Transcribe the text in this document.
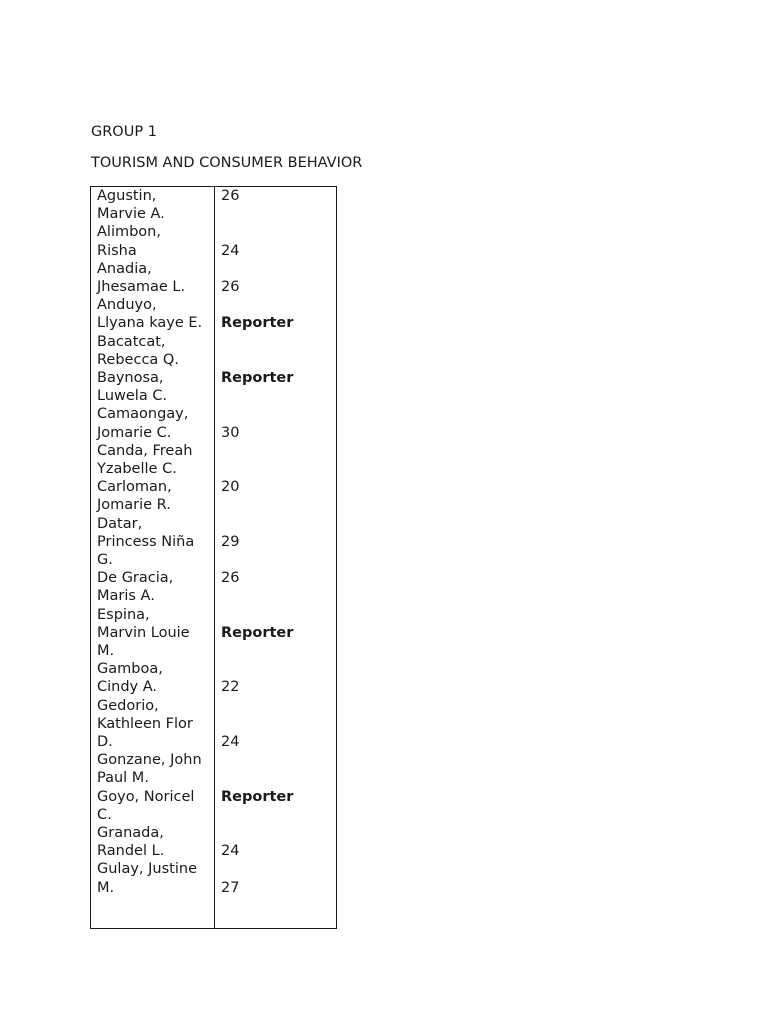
GROUP 1
TOURISM AND CONSUMER BEHAVIOR
Agustin,
Marvie A.
Alimbon,
Risha
Anadia,
Jhesamae L.
Anduyo,
Llyana kaye E.
Bacatcat,
Rebecca Q.
Baynosa,
Luwela C.
Camaongay,
Jomarie C.
Canda, Freah
Yzabelle C.
Carloman,
Jomarie R.
Datar,
Princess Niña
G.
De Gracia,
Maris A.
Espina,
Marvin Louie
M.
Gamboa,
Cindy A.
Gedorio,
Kathleen Flor
D.
Gonzane, John
Paul M.
Goyo, Noricel
C.
Granada,
Randel L.
Gulay, Justine
M.
26
24
26
Reporter
Reporter
30
20
29
26
Reporter
22
24
Reporter
24
27
